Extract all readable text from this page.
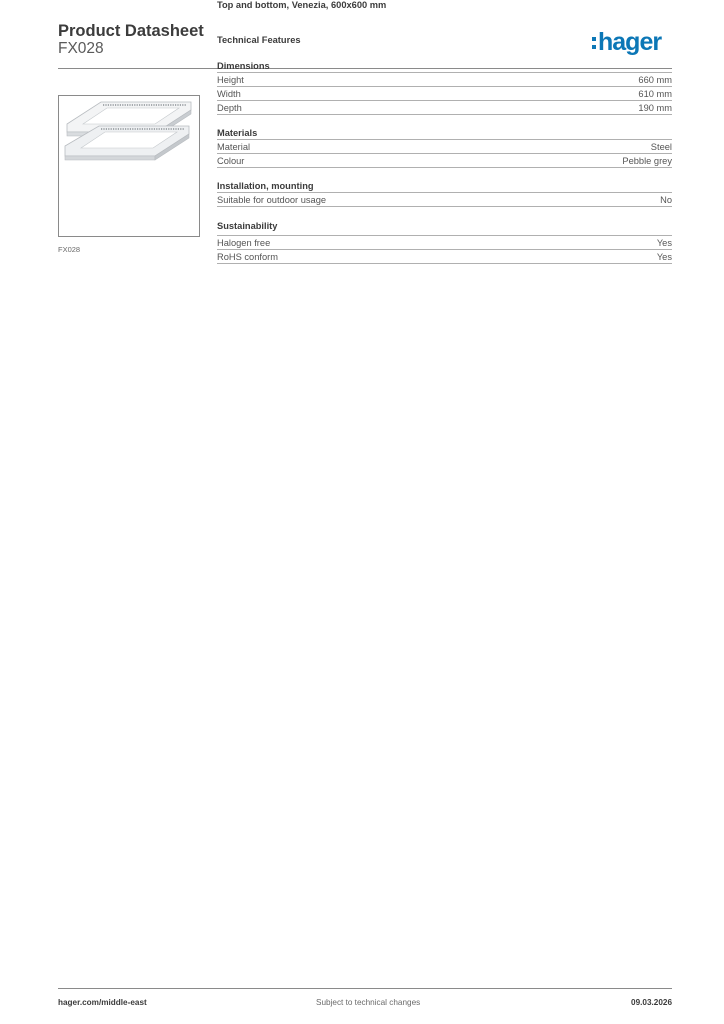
Product Datasheet
FX028	hager
FX028
Top and bottom, Venezia, 600x600 mm
Technical Features
Dimensions
Height	660 mm
Width	610 mm
Depth	190 mm
Materials
Material	Steel
Colour	Pebble grey
Installation, mounting
Suitable for outdoor usage	No
Sustainability
Halogen free	Yes
RoHS conform	Yes
hager.com/middle-east	Subject to technical changes	09.03.2026
